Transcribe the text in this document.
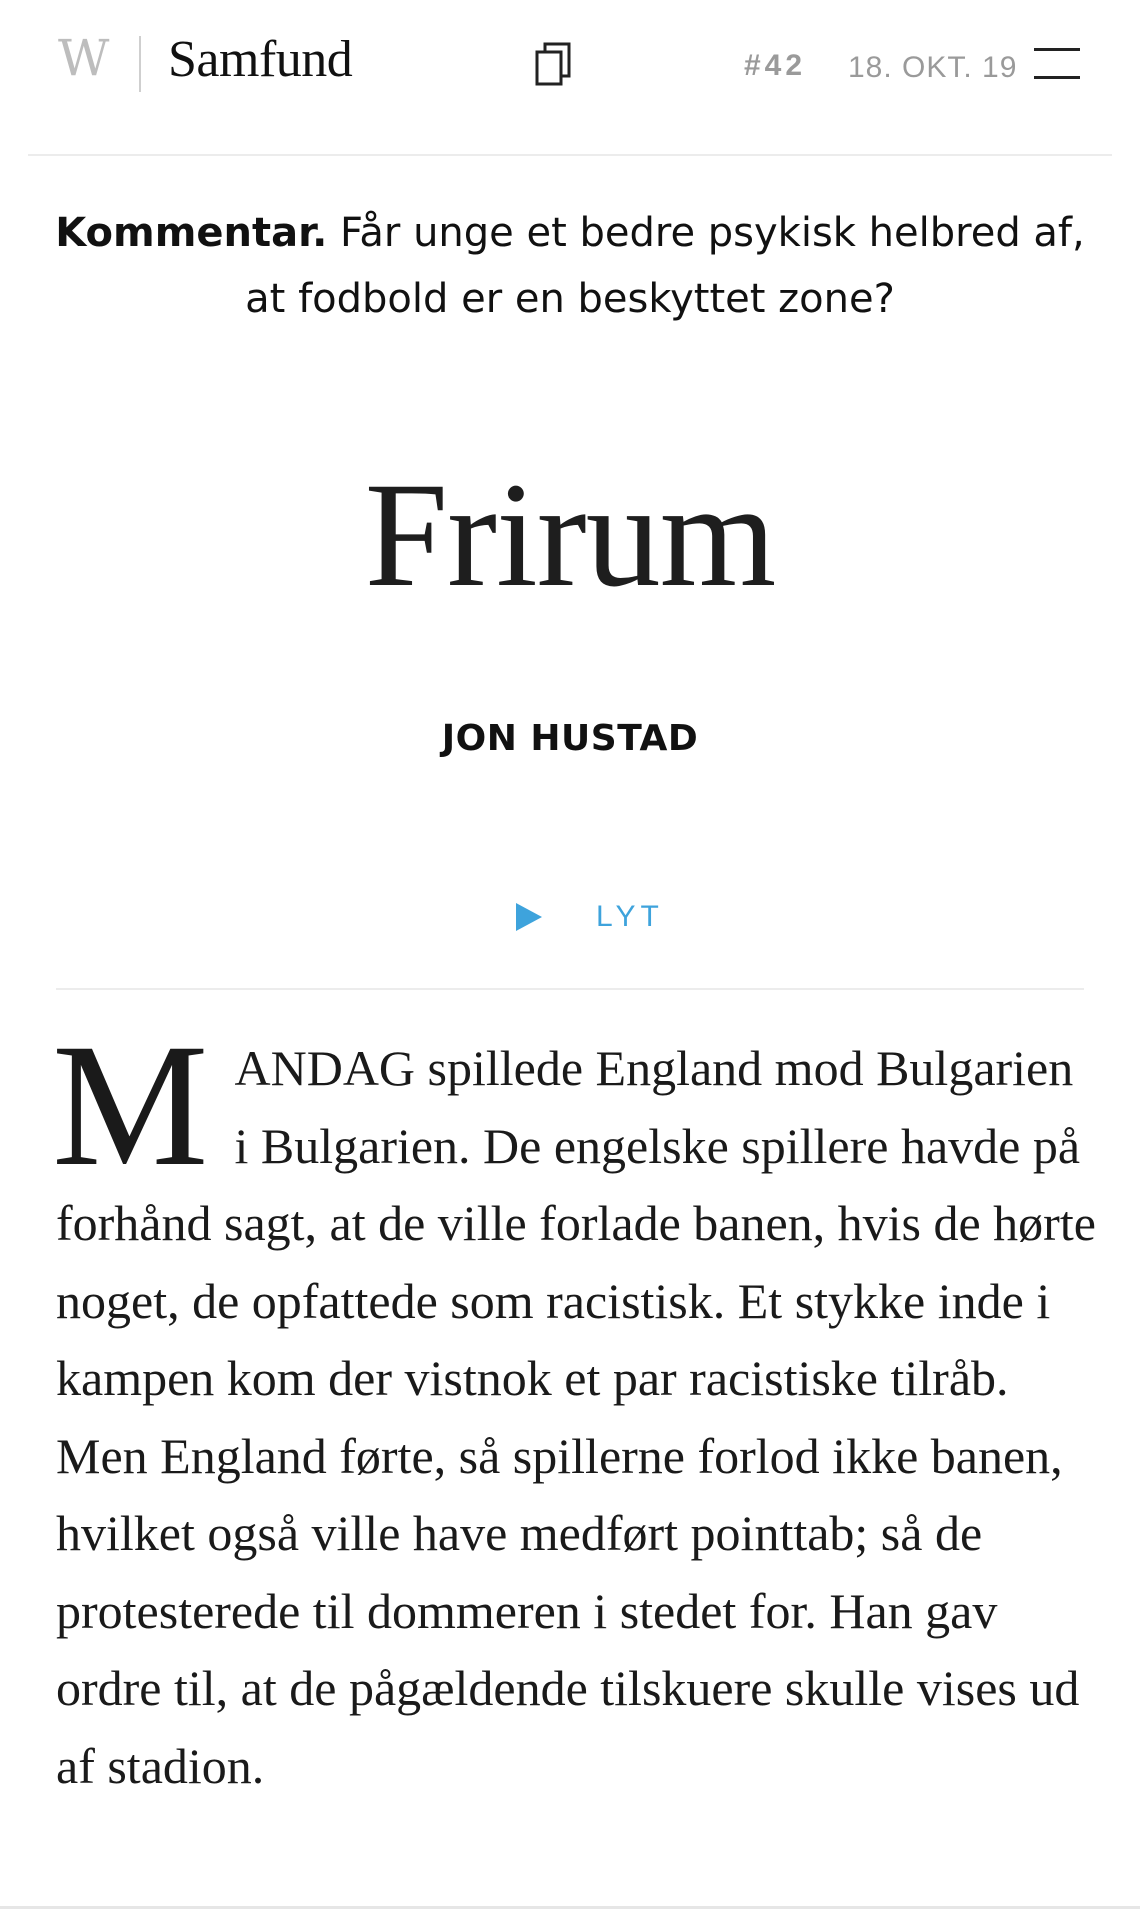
W Samfund	#42 18. OKT. 19
Kommentar. Får unge et bedre psykisk helbred af, at fodbold er en beskyttet zone?
Frirum
JON HUSTAD
LYT
M ANDAG spillede England mod Bulgarien i Bulgarien. De engelske spillere havde på forhånd sagt, at de ville forlade banen, hvis de hørte noget, de opfattede som racistisk. Et stykke inde i kampen kom der vistnok et par racistiske tilråb. Men England førte, så spillerne forlod ikke banen, hvilket også ville have medført pointtab; så de protesterede til dommeren i stedet for. Han gav ordre til, at de pågældende tilskuere skulle vises ud af stadion.
